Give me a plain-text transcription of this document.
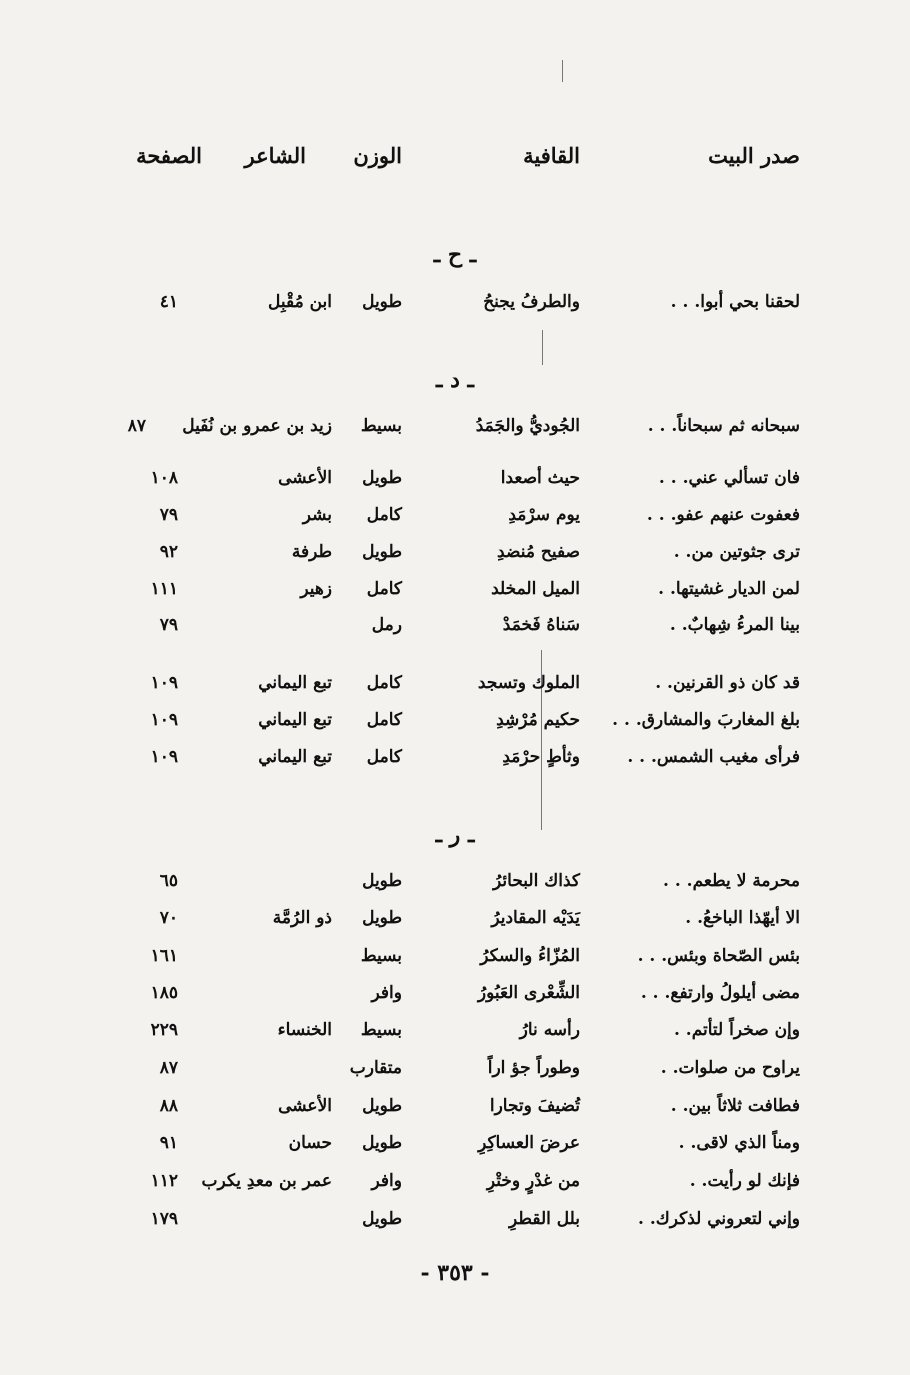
صدر البيت
القافية
الوزن
الشاعر
الصفحة
ـ ح ـ
لحقنا بحي أبوا. . .
والطرفُ يجنحُ
طويل
ابن مُقْبِل
٤١
ـ د ـ
سبحانه ثم سبحاناً. . .
الجُوديُّ والجَمَدُ
بسيط
زيد بن عمرو بن نُفَيل
٨٧
فان تسألي عني. . .
حيث أصعدا
طويل
الأعشى
١٠٨
فعفوت عنهم عفو. . .
يوم سرْمَدِ
كامل
بشر
٧٩
ترى جثوتين من. .
صفيح مُنضدِ
طويل
طرفة
٩٢
لمن الديار غشيتها. .
الميل المخلد
كامل
زهير
١١١
بينا المرءُ شِهابٌ. .
سَناهُ فَخمَدْ
رمل
٧٩
قد كان ذو القرنين. .
الملوك وتسجد
كامل
تبع اليماني
١٠٩
بلغ المغاربَ والمشارق. . .
حكيم مُرْشِدِ
كامل
تبع اليماني
١٠٩
فرأى مغيب الشمس. . .
وثأطٍ حرْمَدِ
كامل
تبع اليماني
١٠٩
ـ ر ـ
محرمة لا يطعم. . .
كذاك البحائرُ
طويل
٦٥
الا أيهّذا الباخعُ. .
يَدَيْه المقاديرُ
طويل
ذو الرُمَّة
٧٠
بئس الصّحاة وبئس. . .
المُزّاءُ والسكرُ
بسيط
١٦١
مضى أيلولُ وارتفع. . .
الشِّعْرى العَبُورُ
وافر
١٨٥
وإن صخراً لتأتم. .
رأسه نارُ
بسيط
الخنساء
٢٢٩
يراوح من صلوات. .
وطوراً جؤ اراً
متقارب
٨٧
فطافت ثلاثاً بين. .
تُضيفَ وتجارا
طويل
الأعشى
٨٨
ومناً الذي لاقى. .
عرضَ العساكِرِ
طويل
حسان
٩١
فإنك لو رأيت. .
من غدْرٍ وختْرِ
وافر
عمر بن معدِ يكرب
١١٢
وإني لتعروني لذكرك. .
بلل القطرِ
طويل
١٧٩
- ٣٥٣ -
